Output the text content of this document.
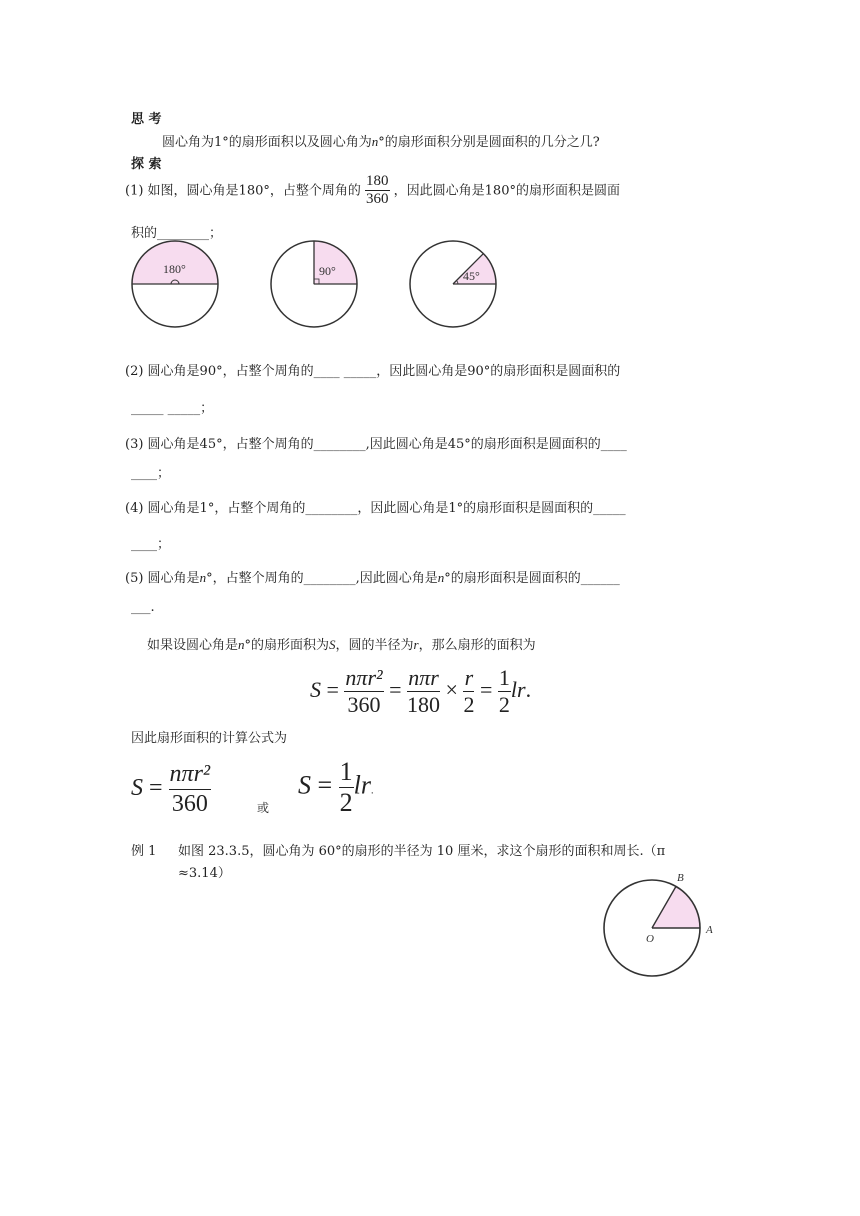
思 考
圆心角为1°的扇形面积以及圆心角为n°的扇形面积分别是圆面积的几分之几?
探 索
(1) 如图，圆心角是180°，占整个周角的 $\frac{180}{360}$ ，因此圆心角是180°的扇形面积是圆面
积的________；
180°	90°	45°
(2) 圆心角是90°，占整个周角的____ _____，因此圆心角是90°的扇形面积是圆面积的
_____ _____；
(3) 圆心角是45°，占整个周角的________,因此圆心角是45°的扇形面积是圆面积的____
____；
(4) 圆心角是1°，占整个周角的________，因此圆心角是1°的扇形面积是圆面积的_____
____；
(5) 圆心角是n°，占整个周角的________,因此圆心角是n°的扇形面积是圆面积的______
___.
如果设圆心角是n°的扇形面积为S，圆的半径为r，那么扇形的面积为
$S = \frac{\text{nπr²}}{360} = \frac{\text{nπr}}{180} \times \frac{r}{2} = \frac{1}{2}$ lr.
因此扇形面积的计算公式为
$S = \frac{\text{nπr²}}{360}$	或
$S = \frac{1}{2}$ lr.
例 1 如图 23.3.5，圆心角为 60°的扇形的半径为 10 厘米，求这个扇形的面积和周长.（π
≈3.14）	B
O
A
